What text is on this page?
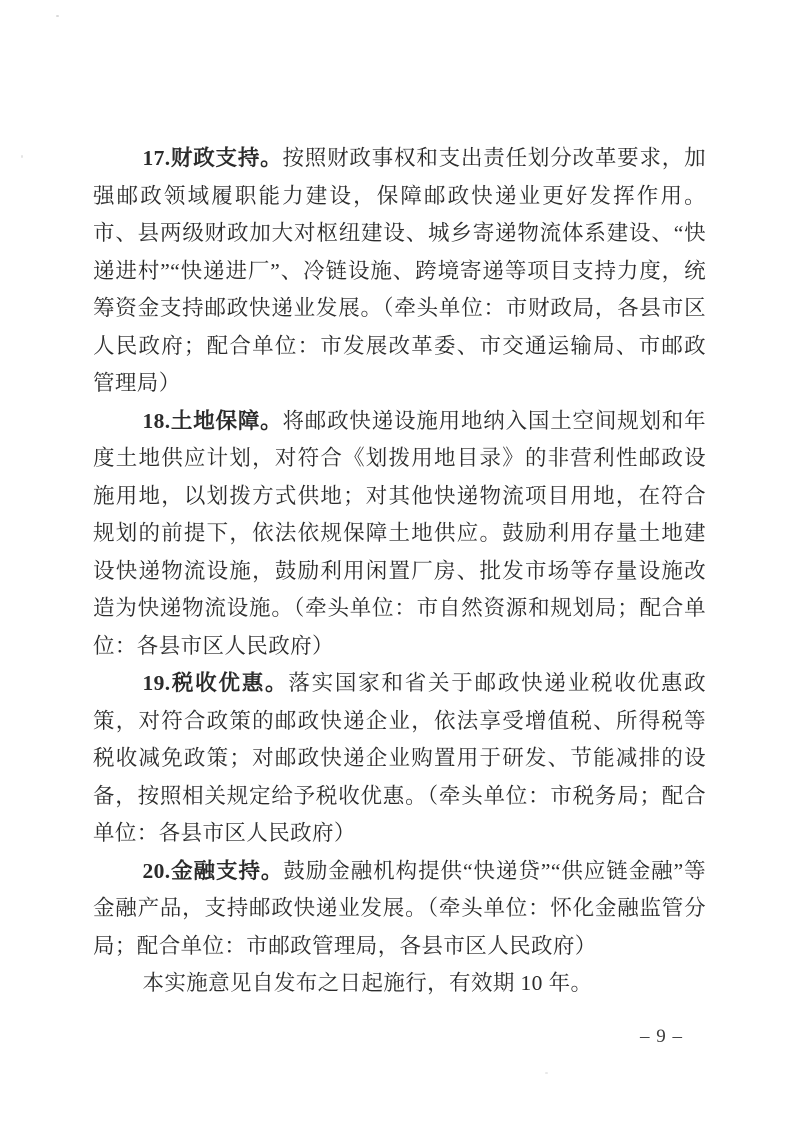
17.财政支持。按照财政事权和支出责任划分改革要求，加强邮政领域履职能力建设，保障邮政快递业更好发挥作用。市、县两级财政加大对枢纽建设、城乡寄递物流体系建设、“快递进村”“快递进厂”、冷链设施、跨境寄递等项目支持力度，统筹资金支持邮政快递业发展。（牵头单位：市财政局，各县市区人民政府；配合单位：市发展改革委、市交通运输局、市邮政管理局）

18.土地保障。将邮政快递设施用地纳入国土空间规划和年度土地供应计划，对符合《划拨用地目录》的非营利性邮政设施用地，以划拨方式供地；对其他快递物流项目用地，在符合规划的前提下，依法依规保障土地供应。鼓励利用存量土地建设快递物流设施，鼓励利用闲置厂房、批发市场等存量设施改造为快递物流设施。（牵头单位：市自然资源和规划局；配合单位：各县市区人民政府）

19.税收优惠。落实国家和省关于邮政快递业税收优惠政策，对符合政策的邮政快递企业，依法享受增值税、所得税等税收减免政策；对邮政快递企业购置用于研发、节能减排的设备，按照相关规定给予税收优惠。（牵头单位：市税务局；配合单位：各县市区人民政府）

20.金融支持。鼓励金融机构提供“快递贷”“供应链金融”等金融产品，支持邮政快递业发展。（牵头单位：怀化金融监管分局；配合单位：市邮政管理局，各县市区人民政府）

本实施意见自发布之日起施行，有效期 10 年。

– 9 –
